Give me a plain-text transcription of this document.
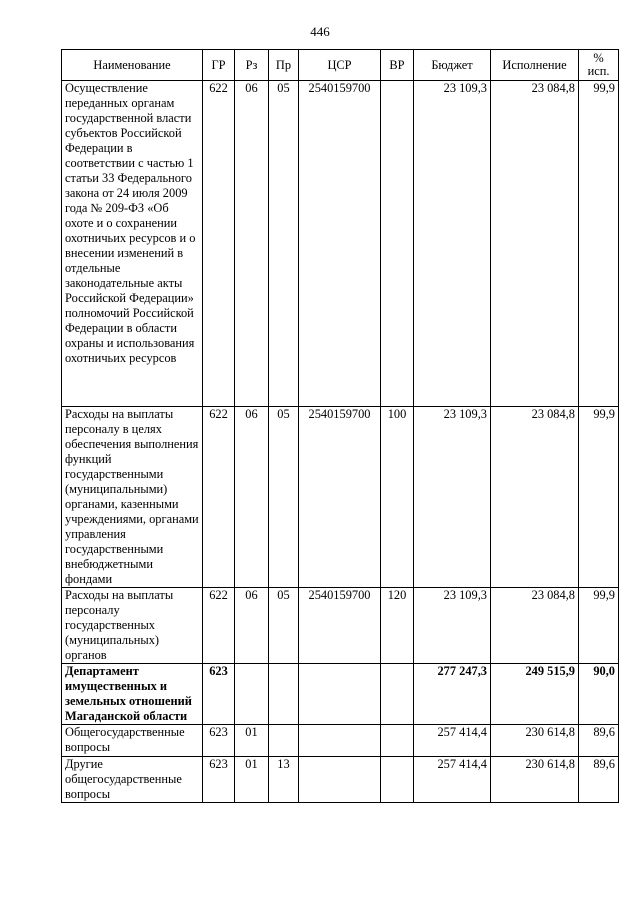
446
Наименование	ГР	Рз	Пр	ЦСР	ВР	Бюджет	Исполнение	%
исп.
Осуществление переданных органам государственной власти субъектов Российской Федерации в соответствии с частью 1 статьи 33 Федерального закона от 24 июля 2009 года № 209-ФЗ «Об охоте и о сохранении охотничьих ресурсов и о внесении изменений в отдельные законодательные акты Российской Федерации» полномочий Российской Федерации в области охраны и использования охотничьих ресурсов	622	06	05	2540159700		23 109,3	23 084,8	99,9
Расходы на выплаты персоналу в целях обеспечения выполнения функций государственными (муниципальными) органами, казенными учреждениями, органами управления государственными внебюджетными фондами	622	06	05	2540159700	100	23 109,3	23 084,8	99,9
Расходы на выплаты персоналу государственных (муниципальных) органов	622	06	05	2540159700	120	23 109,3	23 084,8	99,9
Департамент имущественных и земельных отношений Магаданской области	623					277 247,3	249 515,9	90,0
Общегосударственные вопросы	623	01				257 414,4	230 614,8	89,6
Другие общегосударственные вопросы	623	01	13			257 414,4	230 614,8	89,6
